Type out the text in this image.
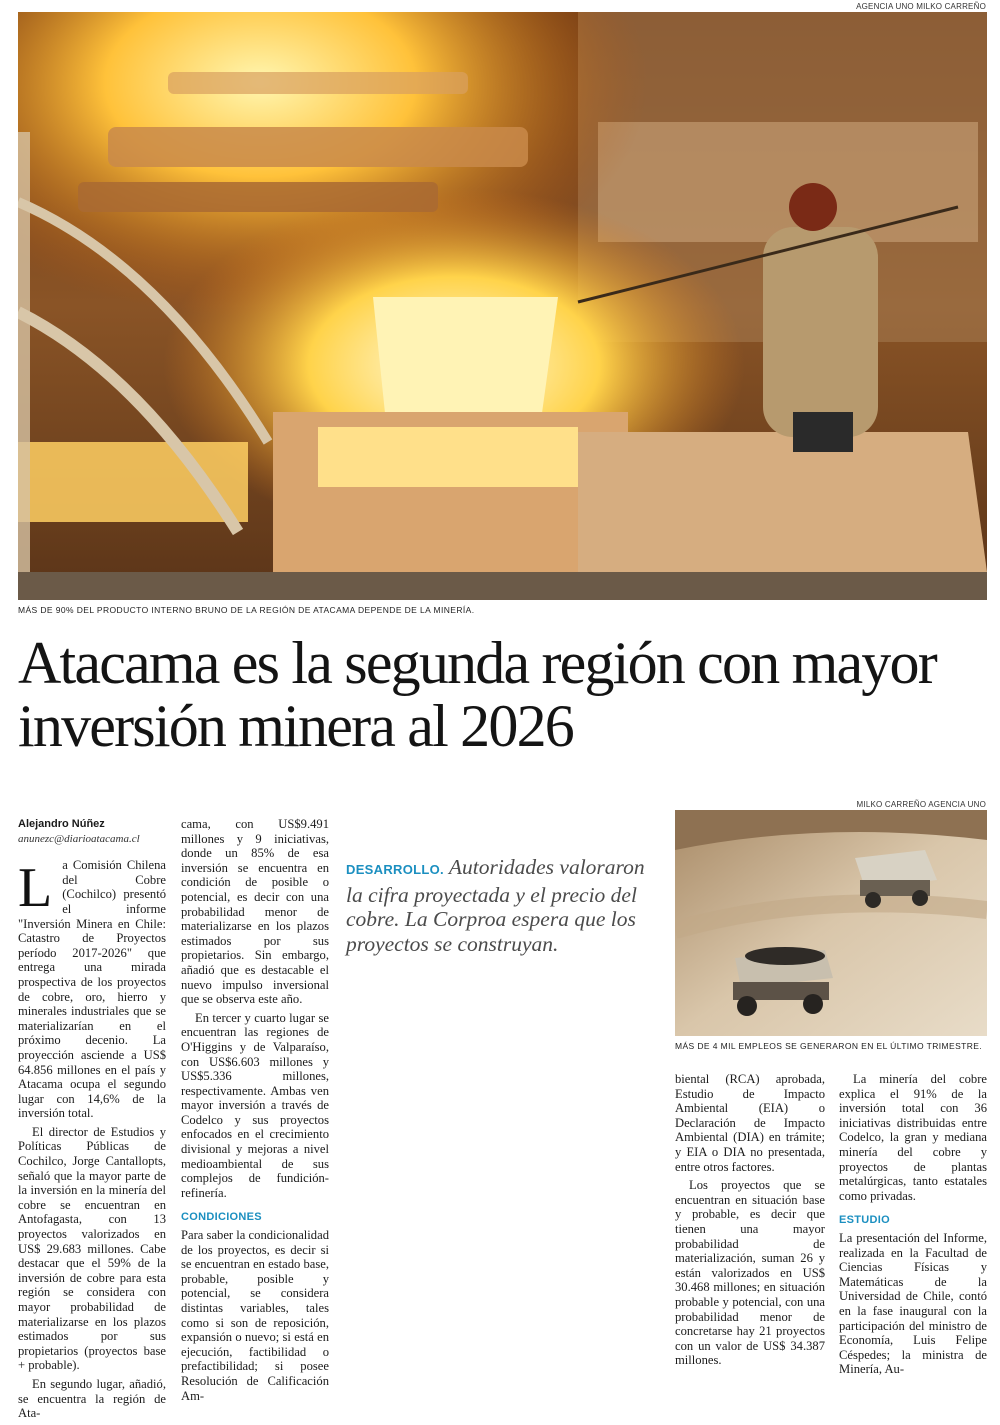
AGENCIA UNO MILKO CARREÑO
MÁS DE 90% DEL PRODUCTO INTERNO BRUNO DE LA REGIÓN DE ATACAMA DEPENDE DE LA MINERÍA.
Atacama es la segunda región con mayor inversión minera al 2026
Alejandro Núñez
anunezc@diarioatacama.cl

La Comisión Chilena del Cobre (Cochilco) presentó el informe "Inversión Minera en Chile: Catastro de Proyectos período 2017-2026" que entrega una mirada prospectiva de los proyectos de cobre, oro, hierro y minerales industriales que se materializarían en el próximo decenio. La proyección asciende a US$ 64.856 millones en el país y Atacama ocupa el segundo lugar con 14,6% de la inversión total.

El director de Estudios y Políticas Públicas de Cochilco, Jorge Cantallopts, señaló que la mayor parte de la inversión en la minería del cobre se encuentran en Antofagasta, con 13 proyectos valorizados en US$ 29.683 millones. Cabe destacar que el 59% de la inversión de cobre para esta región se considera con mayor probabilidad de materializarse en los plazos estimados por sus propietarios (proyectos base + probable).

En segundo lugar, añadió, se encuentra la región de Ata-

cama, con US$9.491 millones y 9 iniciativas, donde un 85% de esa inversión se encuentra en condición de posible o potencial, es decir con una probabilidad menor de materializarse en los plazos estimados por sus propietarios. Sin embargo, añadió que es destacable el nuevo impulso inversional que se observa este año.

En tercer y cuarto lugar se encuentran las regiones de O'Higgins y de Valparaíso, con US$6.603 millones y US$5.336 millones, respectivamente. Ambas ven mayor inversión a través de Codelco y sus proyectos enfocados en el crecimiento divisional y mejoras a nivel medioambiental de sus complejos de fundición-refinería.

CONDICIONES

Para saber la condicionalidad de los proyectos, es decir si se encuentran en estado base, probable, posible y potencial, se considera distintas variables, tales como si son de reposición, expansión o nuevo; si está en ejecución, factibilidad o prefactibilidad; si posee Resolución de Calificación Am-

DESARROLLO. Autoridades valoraron la cifra proyectada y el precio del cobre. La Corproa espera que los proyectos se construyan.
MILKO CARREÑO AGENCIA UNO
MÁS DE 4 MIL EMPLEOS SE GENERARON EN EL ÚLTIMO TRIMESTRE.

biental (RCA) aprobada, Estudio de Impacto Ambiental (EIA) o Declaración de Impacto Ambiental (DIA) en trámite; y EIA o DIA no presentada, entre otros factores.

Los proyectos que se encuentran en situación base y probable, es decir que tienen una mayor probabilidad de materialización, suman 26 y están valorizados en US$ 30.468 millones; en situación probable y potencial, con una probabilidad menor de concretarse hay 21 proyectos con un valor de US$ 34.387 millones.

La minería del cobre explica el 91% de la inversión total con 36 iniciativas distribuidas entre Codelco, la gran y mediana minería del cobre y proyectos de plantas metalúrgicas, tanto estatales como privadas.

ESTUDIO

La presentación del Informe, realizada en la Facultad de Ciencias Físicas y Matemáticas de la Universidad de Chile, contó en la fase inaugural con la participación del ministro de Economía, Luis Felipe Céspedes; la ministra de Minería, Au-
